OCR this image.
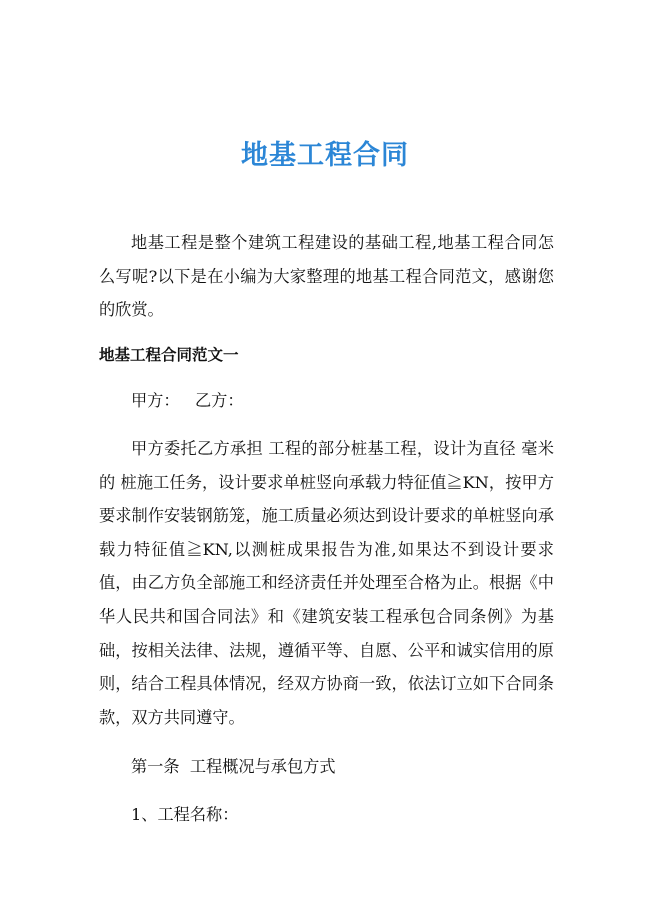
地基工程合同

地基工程是整个建筑工程建设的基础工程,地基工程合同怎么写呢?以下是在小编为大家整理的地基工程合同范文，感谢您的欣赏。

地基工程合同范文一
甲方：   乙方：

甲方委托乙方承担 工程的部分桩基工程，设计为直径 毫米的 桩施工任务，设计要求单桩竖向承载力特征值≧KN，按甲方要求制作安装钢筋笼，施工质量必须达到设计要求的单桩竖向承载力特征值≧KN,以测桩成果报告为准,如果达不到设计要求值，由乙方负全部施工和经济责任并处理至合格为止。根据《中华人民共和国合同法》和《建筑安装工程承包合同条例》为基础，按相关法律、法规，遵循平等、自愿、公平和诚实信用的原则，结合工程具体情况，经双方协商一致，依法订立如下合同条款，双方共同遵守。

第一条  工程概况与承包方式
1、工程名称：
